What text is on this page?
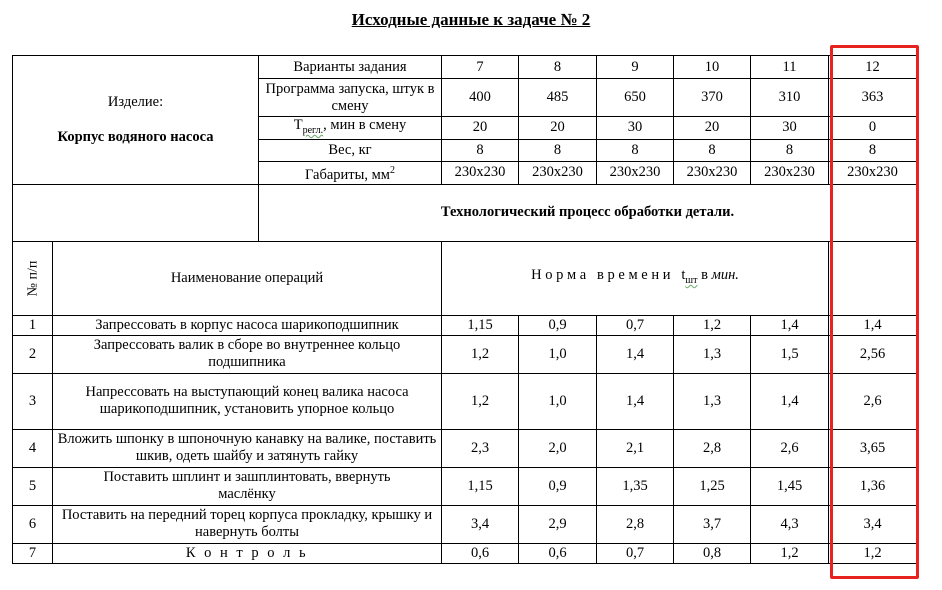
Исходные данные к задаче № 2
Изделие:
Корпус водяного насоса		Варианты задания	7	8	9	10	11	12
		Программа запуска, штук в смену	400	485	650	370	310	363
		$T_{регл.}$, мин в смену	20	20	30	20	30	0
		Вес, кг	8	8	8	8	8	8
		Габариты, $мм^2$	230x230	230x230	230x230	230x230	230x230	230x230
		Технологический процесс обработки детали.						
№ п/п	Наименование операций		Н о р м а   в р е м е н и   $t_{шт}$ в мин.					
1	Запрессовать в корпус насоса шарикоподшипник		1,15	0,9	0,7	1,2	1,4	1,4
2	Запрессовать валик в сборе во внутреннее кольцо подшипника		1,2	1,0	1,4	1,3	1,5	2,56
3	Напрессовать на выступающий конец валика насоса шарикоподшипник, установить упорное кольцо		1,2	1,0	1,4	1,3	1,4	2,6
4	Вложить шпонку в шпоночную канавку на валике, поставить шкив, одеть шайбу и затянуть гайку		2,3	2,0	2,1	2,8	2,6	3,65
5	Поставить шплинт и зашплинтовать, ввернуть маслёнку		1,15	0,9	1,35	1,25	1,45	1,36
6	Поставить на передний торец корпуса прокладку, крышку и навернуть болты		3,4	2,9	2,8	3,7	4,3	3,4
7	К о н т р о л ь		0,6	0,6	0,7	0,8	1,2	1,2
